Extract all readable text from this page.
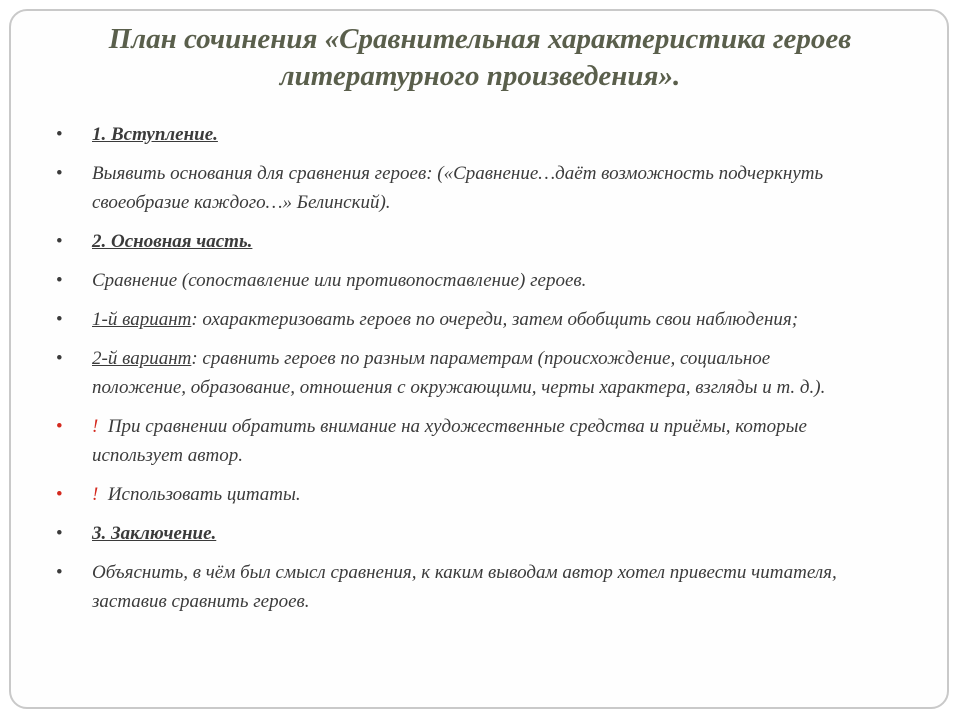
План сочинения «Сравнительная характеристика героев
литературного произведения».
• 1. Вступление.
• Выявить основания для сравнения героев: («Сравнение…даёт возможность подчеркнуть своеобразие каждого…» Белинский).
• 2. Основная часть.
• Сравнение (сопоставление или противопоставление) героев.
• 1-й вариант: охарактеризовать героев по очереди, затем обобщить свои наблюдения;
• 2-й вариант: сравнить героев по разным параметрам (происхождение, социальное положение, образование, отношения с окружающими, черты характера, взгляды и т. д.).
• ! При сравнении обратить внимание на художественные средства и приёмы, которые использует автор.
• ! Использовать цитаты.
• 3. Заключение.
• Объяснить, в чём был смысл сравнения, к каким выводам автор хотел привести читателя, заставив сравнить героев.
